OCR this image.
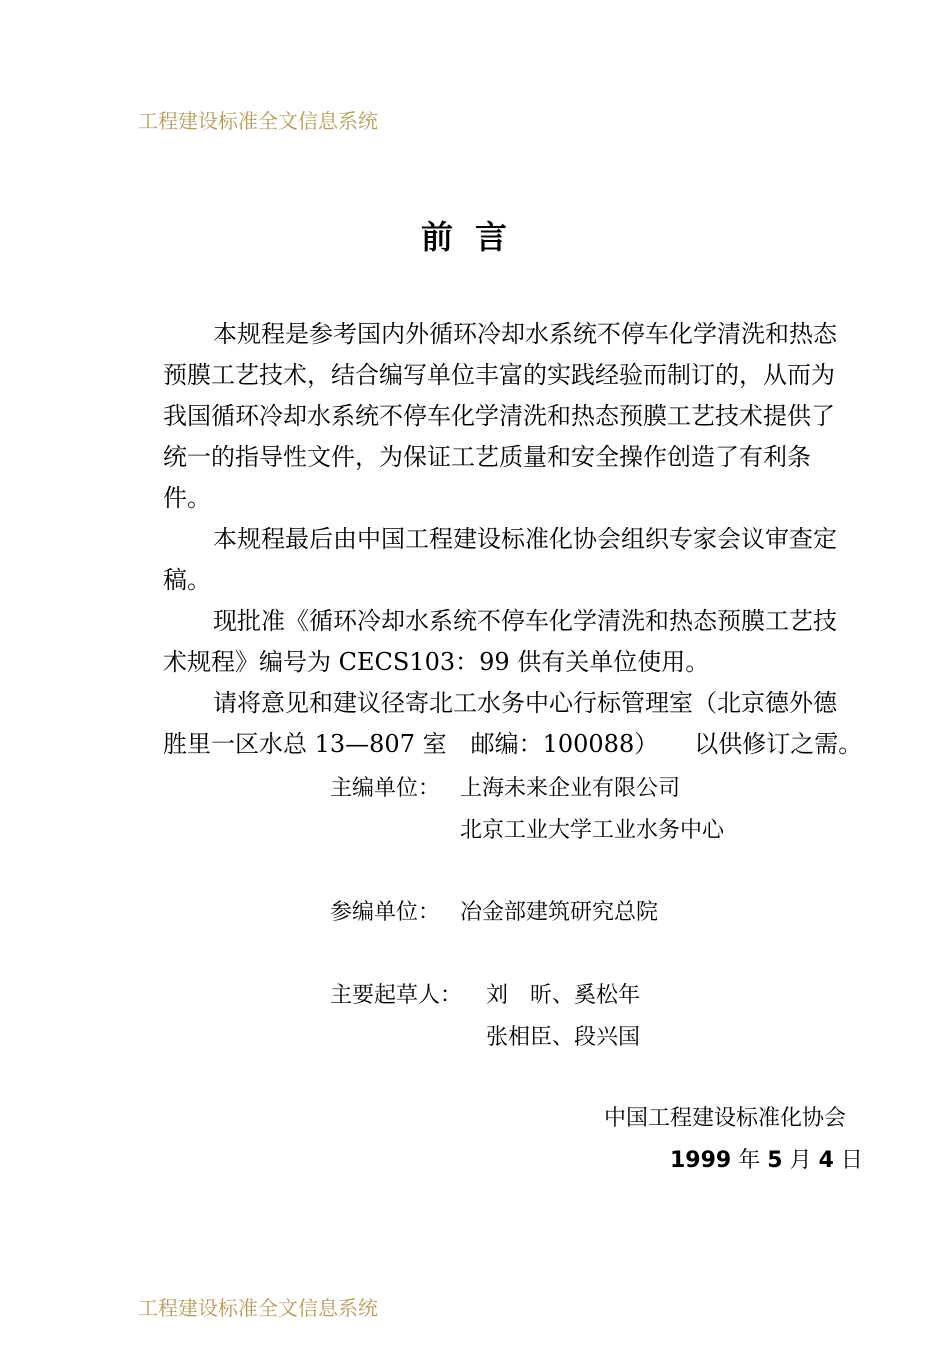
工程建设标准全文信息系统
前言
本规程是参考国内外循环冷却水系统不停车化学清洗和热态
预膜工艺技术，结合编写单位丰富的实践经验而制订的，从而为
我国循环冷却水系统不停车化学清洗和热态预膜工艺技术提供了
统一的指导性文件，为保证工艺质量和安全操作创造了有利条
件。
本规程最后由中国工程建设标准化协会组织专家会议审查定
稿。
现批准《循环冷却水系统不停车化学清洗和热态预膜工艺技
术规程》编号为 CECS103：99 供有关单位使用。
请将意见和建议径寄北工水务中心行标管理室（北京德外德
胜里一区水总 13—807 室　邮编：100088）　　以供修订之需。
主编单位： 上海未来企业有限公司
北京工业大学工业水务中心
参编单位： 冶金部建筑研究总院
主要起草人： 刘　昕、奚松年
张相臣、段兴国
中国工程建设标准化协会
1999 年 5 月 4 日
工程建设标准全文信息系统
